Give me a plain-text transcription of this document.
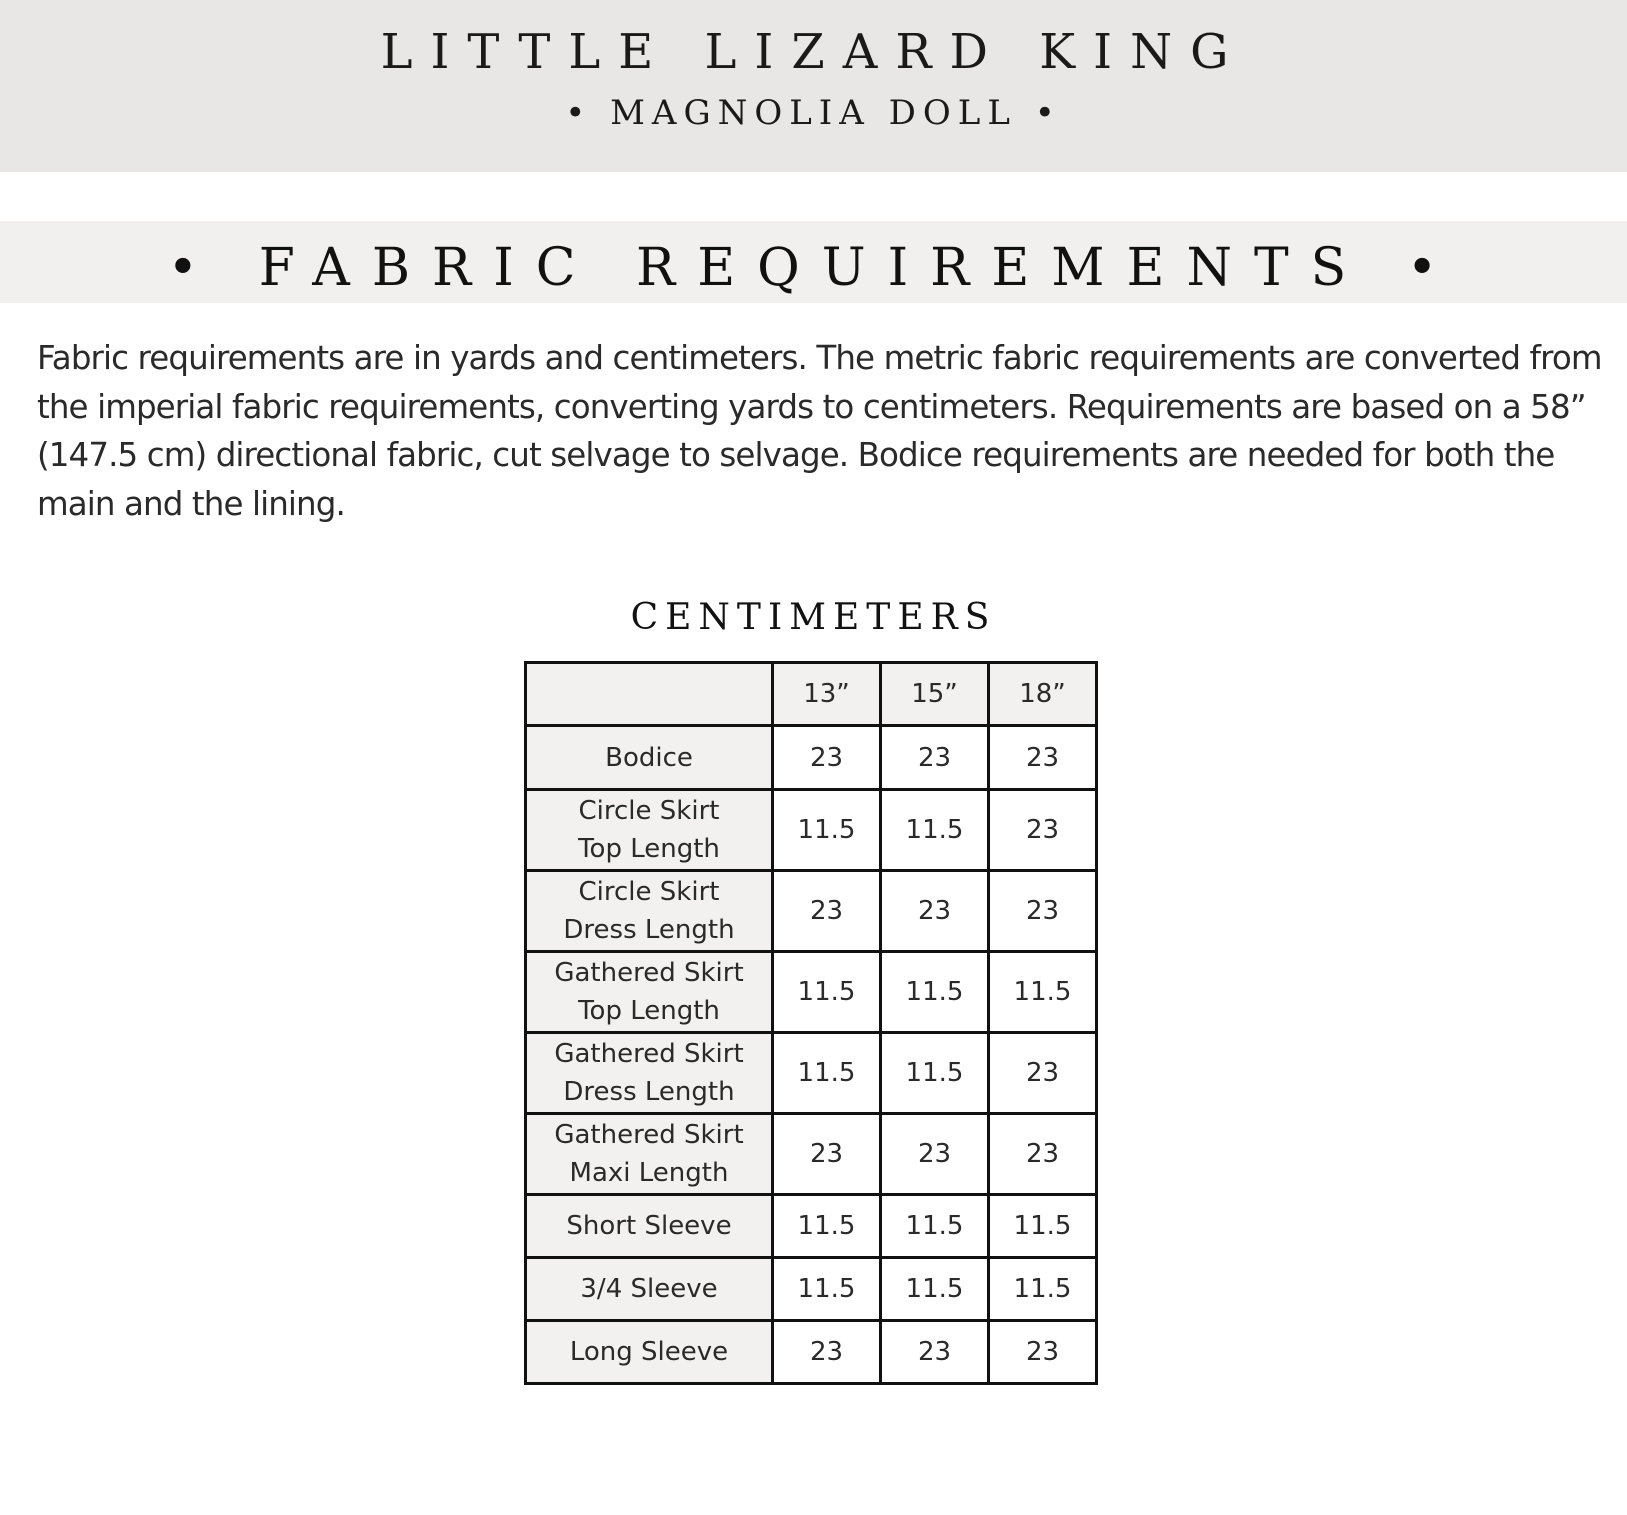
LITTLE LIZARD KING
• MAGNOLIA DOLL •
• FABRIC REQUIREMENTS •

Fabric requirements are in yards and centimeters. The metric fabric requirements are converted from the imperial fabric requirements, converting yards to centimeters. Requirements are based on a 58” (147.5 cm) directional fabric, cut selvage to selvage. Bodice requirements are needed for both the main and the lining.

CENTIMETERS
	13”	15”	18”
Bodice	23	23	23
Circle Skirt
Top Length	11.5	11.5	23
Circle Skirt
Dress Length	23	23	23
Gathered Skirt
Top Length	11.5	11.5	11.5
Gathered Skirt
Dress Length	11.5	11.5	23
Gathered Skirt
Maxi Length	23	23	23
Short Sleeve	11.5	11.5	11.5
3/4 Sleeve	11.5	11.5	11.5
Long Sleeve	23	23	23
